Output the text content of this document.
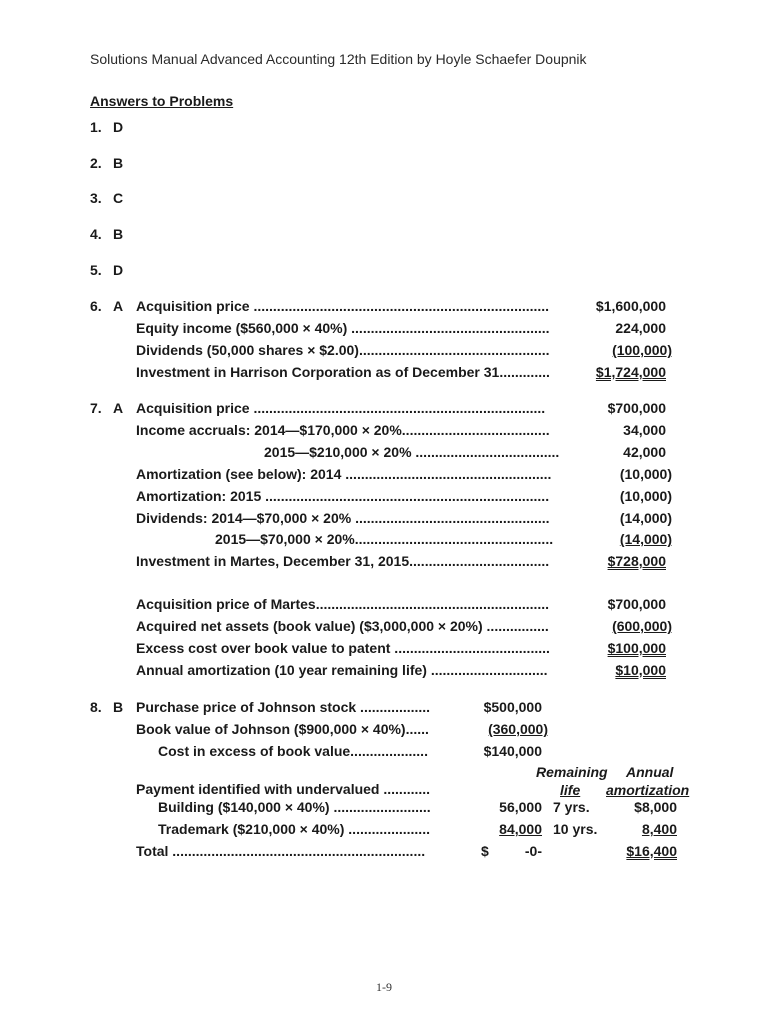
Solutions Manual Advanced Accounting 12th Edition by Hoyle Schaefer Doupnik
Answers to Problems
1. D
2. B
3. C
4. B
5. D
6. A Acquisition price ............................................................................	$1,600,000
Equity income ($560,000 × 40%) ...................................................	224,000
Dividends (50,000 shares × $2.00).................................................	(100,000)
Investment in Harrison Corporation as of December 31.............	$1,724,000
7. A Acquisition price ...........................................................................	$700,000
Income accruals: 2014—$170,000 × 20%......................................	34,000
2015—$210,000 × 20% .....................................	42,000
Amortization (see below): 2014 .....................................................	(10,000)
Amortization: 2015 .........................................................................	(10,000)
Dividends: 2014—$70,000 × 20% ..................................................	(14,000)
2015—$70,000 × 20%...................................................	(14,000)
Investment in Martes, December 31, 2015....................................	$728,000
Acquisition price of Martes............................................................	$700,000
Acquired net assets (book value) ($3,000,000 × 20%) ................	(600,000)
Excess cost over book value to patent ........................................	$100,000
Annual amortization (10 year remaining life) ..............................	$10,000
8. B Purchase price of Johnson stock ..................	$500,000
Book value of Johnson ($900,000 × 40%)......	(360,000)
Cost in excess of book value....................	$140,000
Remaining
life
Annual
amortization
Payment identified with undervalued ............
Building ($140,000 × 40%) .........................	56,000 7 yrs.	$8,000
Trademark ($210,000 × 40%) .....................	84,000 10 yrs.	8,400
Total .................................................................	$	-0-	$16,400
1-9
